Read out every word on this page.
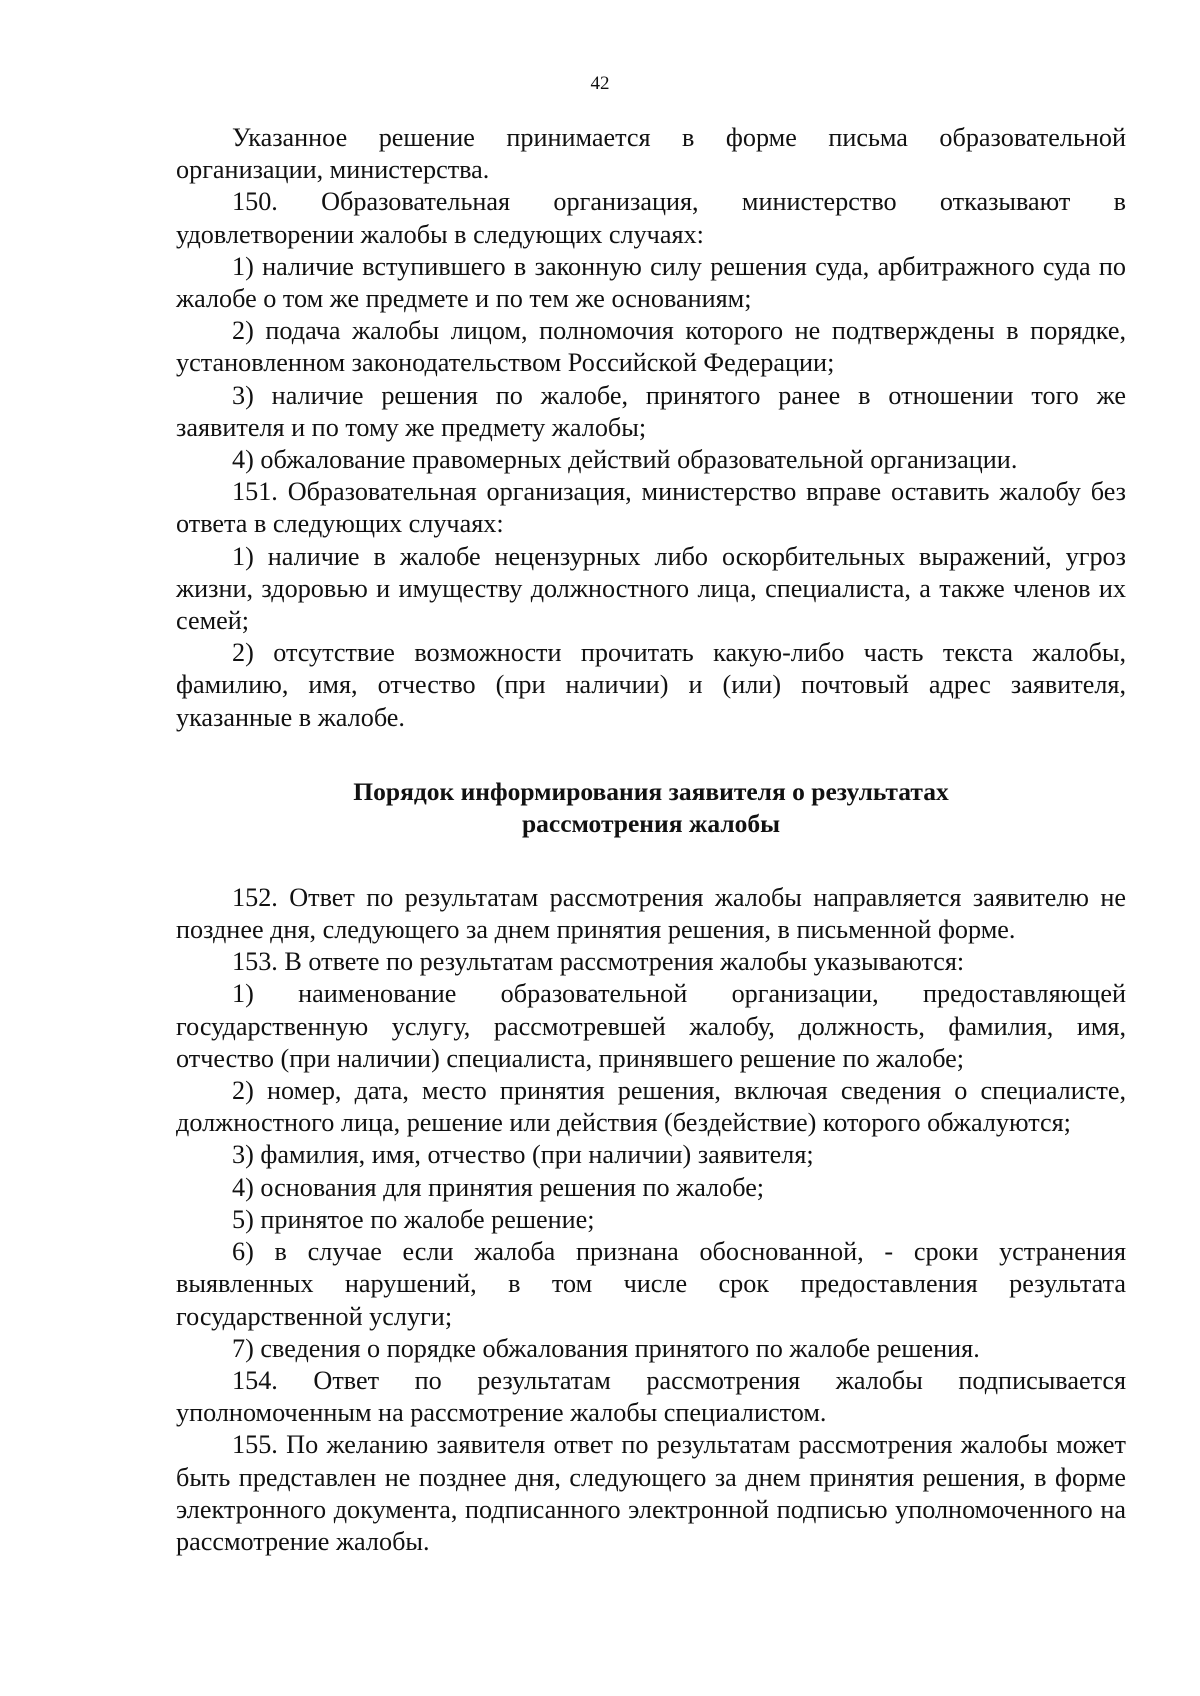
42

Указанное решение принимается в форме письма образовательной организации, министерства.

150. Образовательная организация, министерство отказывают в удовлетворении жалобы в следующих случаях:

1) наличие вступившего в законную силу решения суда, арбитражного суда по жалобе о том же предмете и по тем же основаниям;

2) подача жалобы лицом, полномочия которого не подтверждены в порядке, установленном законодательством Российской Федерации;

3) наличие решения по жалобе, принятого ранее в отношении того же заявителя и по тому же предмету жалобы;

4) обжалование правомерных действий образовательной организации.

151. Образовательная организация, министерство вправе оставить жалобу без ответа в следующих случаях:

1) наличие в жалобе нецензурных либо оскорбительных выражений, угроз жизни, здоровью и имуществу должностного лица, специалиста, а также членов их семей;

2) отсутствие возможности прочитать какую-либо часть текста жалобы, фамилию, имя, отчество (при наличии) и (или) почтовый адрес заявителя, указанные в жалобе.

Порядок информирования заявителя о результатах
рассмотрения жалобы

152. Ответ по результатам рассмотрения жалобы направляется заявителю не позднее дня, следующего за днем принятия решения, в письменной форме.

153. В ответе по результатам рассмотрения жалобы указываются:

1) наименование образовательной организации, предоставляющей государственную услугу, рассмотревшей жалобу, должность, фамилия, имя, отчество (при наличии) специалиста, принявшего решение по жалобе;

2) номер, дата, место принятия решения, включая сведения о специалисте, должностного лица, решение или действия (бездействие) которого обжалуются;

3) фамилия, имя, отчество (при наличии) заявителя;

4) основания для принятия решения по жалобе;

5) принятое по жалобе решение;

6) в случае если жалоба признана обоснованной, - сроки устранения выявленных нарушений, в том числе срок предоставления результата государственной услуги;

7) сведения о порядке обжалования принятого по жалобе решения.

154. Ответ по результатам рассмотрения жалобы подписывается уполномоченным на рассмотрение жалобы специалистом.

155. По желанию заявителя ответ по результатам рассмотрения жалобы может быть представлен не позднее дня, следующего за днем принятия решения, в форме электронного документа, подписанного электронной подписью уполномоченного на рассмотрение жалобы.
